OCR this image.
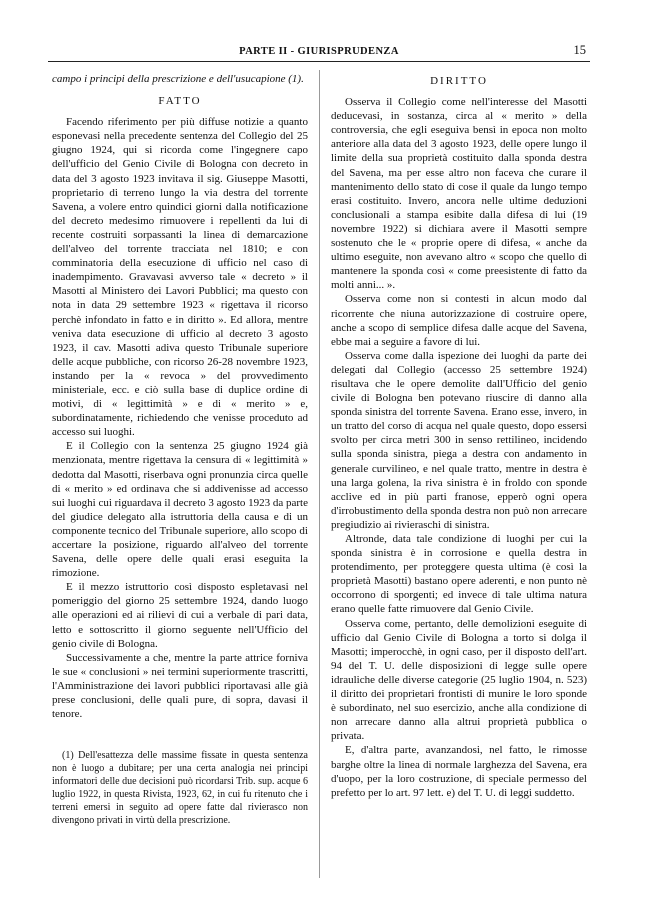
PARTE II - GIURISPRUDENZA	15

campo i principi della prescrizione e dell'usucapione (1).

FATTO

Facendo riferimento per più diffuse notizie a quanto esponevasi nella precedente sentenza del Collegio del 25 giugno 1924, qui si ricorda come l'ingegnere capo dell'ufficio del Genio Civile di Bologna con decreto in data del 3 agosto 1923 invitava il sig. Giuseppe Masotti, proprietario di terreno lungo la via destra del torrente Savena, a volere entro quindici giorni dalla notificazione del decreto medesimo rimuovere i repellenti da lui di recente costruiti sorpassanti la linea di demarcazione dell'alveo del torrente tracciata nel 1810; e con comminatoria della esecuzione di ufficio nel caso di inadempimento. Gravavasi avverso tale « decreto » il Masotti al Ministero dei Lavori Pubblici; ma questo con nota in data 29 settembre 1923 « rigettava il ricorso perchè infondato in fatto e in diritto ». Ed allora, mentre veniva data esecuzione di ufficio al decreto 3 agosto 1923, il cav. Masotti adiva questo Tribunale superiore delle acque pubbliche, con ricorso 26-28 novembre 1923, instando per la « revoca » del provvedimento ministeriale, ecc. e ciò sulla base di duplice ordine di motivi, di « legittimità » e di « merito » e, subordinatamente, richiedendo che venisse proceduto ad accesso sui luoghi.

E il Collegio con la sentenza 25 giugno 1924 già menzionata, mentre rigettava la censura di « legittimità » dedotta dal Masotti, riserbava ogni pronunzia circa quelle di « merito » ed ordinava che si addivenisse ad accesso sui luoghi cui riguardava il decreto 3 agosto 1923 da parte del giudice delegato alla istruttoria della causa e di un componente tecnico del Tribunale superiore, allo scopo di accertare la posizione, riguardo all'alveo del torrente Savena, delle opere delle quali erasi eseguita la rimozione.

E il mezzo istruttorio così disposto espletavasi nel pomeriggio del giorno 25 settembre 1924, dando luogo alle operazioni ed ai rilievi di cui a verbale di pari data, letto e sottoscritto il giorno seguente nell'Ufficio del genio civile di Bologna.

Successivamente a che, mentre la parte attrice forniva le sue « conclusioni » nei termini superiormente trascritti, l'Amministrazione dei lavori pubblici riportavasi alle già prese conclusioni, delle quali pure, di sopra, davasi il tenore.

(1) Dell'esattezza delle massime fissate in questa sentenza non è luogo a dubitare; per una certa analogia nei principi informatori delle due decisioni può ricordarsi Trib. sup. acque 6 luglio 1922, in questa Rivista, 1923, 62, in cui fu ritenuto che i terreni emersi in seguito ad opere fatte dal rivierasco non divengono privati in virtù della prescrizione.

DIRITTO

Osserva il Collegio come nell'interesse del Masotti deducevasi, in sostanza, circa al « merito » della controversia, che egli eseguiva bensì in epoca non molto anteriore alla data del 3 agosto 1923, delle opere lungo il limite della sua proprietà costituito dalla sponda destra del Savena, ma per esse altro non faceva che curare il mantenimento dello stato di cose il quale da lungo tempo erasi costituito. Invero, ancora nelle ultime deduzioni conclusionali a stampa esibite dalla difesa di lui (19 novembre 1922) si dichiara avere il Masotti sempre sostenuto che le « proprie opere di difesa, « anche da ultimo eseguite, non avevano altro « scopo che quello di mantenere la sponda così « come preesistente di fatto da molti anni... ».

Osserva come non si contesti in alcun modo dal ricorrente che niuna autorizzazione di costruire opere, anche a scopo di semplice difesa dalle acque del Savena, ebbe mai a seguire a favore di lui.

Osserva come dalla ispezione dei luoghi da parte dei delegati dal Collegio (accesso 25 settembre 1924) risultava che le opere demolite dall'Ufficio del genio civile di Bologna ben potevano riuscire di danno alla sponda sinistra del torrente Savena. Erano esse, invero, in un tratto del corso di acqua nel quale questo, dopo essersi svolto per circa metri 300 in senso rettilineo, incidendo sulla sponda sinistra, piega a destra con andamento in generale curvilineo, e nel quale tratto, mentre in destra è una larga golena, la riva sinistra è in froldo con sponde acclive ed in più parti franose, epperò ogni opera d'irrobustimento della sponda destra non può non arrecare pregiudizio ai rivieraschi di sinistra.

Altronde, data tale condizione di luoghi per cui la sponda sinistra è in corrosione e quella destra in protendimento, per proteggere questa ultima (è così la proprietà Masotti) bastano opere aderenti, e non punto nè occorrono di sporgenti; ed invece di tale ultima natura erano quelle fatte rimuovere dal Genio Civile.

Osserva come, pertanto, delle demolizioni eseguite di ufficio dal Genio Civile di Bologna a torto si dolga il Masotti; imperocchè, in ogni caso, per il disposto dell'art. 94 del T. U. delle disposizioni di legge sulle opere idrauliche delle diverse categorie (25 luglio 1904, n. 523) il diritto dei proprietari frontisti di munire le loro sponde è subordinato, nel suo esercizio, anche alla condizione di non arrecare danno alla altrui proprietà pubblica o privata.

E, d'altra parte, avanzandosi, nel fatto, le rimosse barghe oltre la linea di normale larghezza del Savena, era d'uopo, per la loro costruzione, di speciale permesso del prefetto per lo art. 97 lett. e) del T. U. di leggi suddetto.
